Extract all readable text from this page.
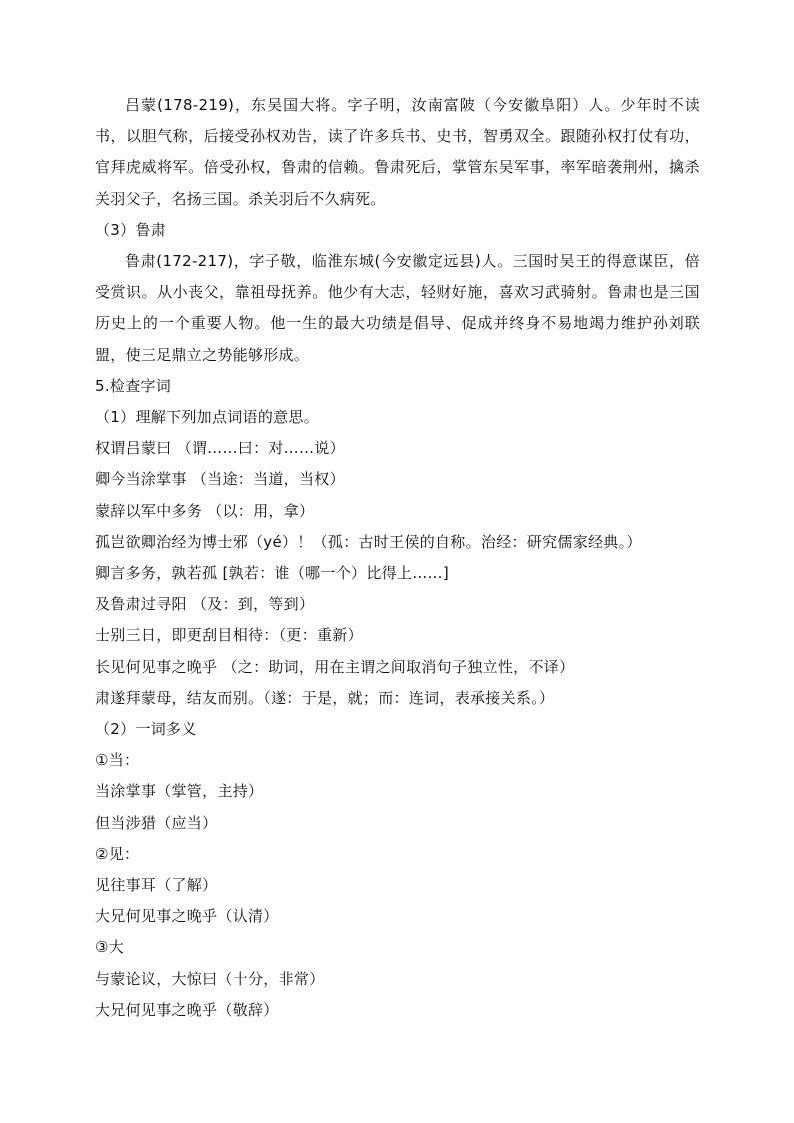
吕蒙(178-219)，东吴国大将。字子明，汝南富陂（今安徽阜阳）人。少年时不读书，以胆气称，后接受孙权劝告，读了许多兵书、史书，智勇双全。跟随孙权打仗有功，官拜虎威将军。倍受孙权，鲁肃的信赖。鲁肃死后，掌管东吴军事，率军暗袭荆州，擒杀关羽父子，名扬三国。杀关羽后不久病死。

（3）鲁肃

鲁肃(172-217)，字子敬，临淮东城(今安徽定远县)人。三国时吴王的得意谋臣，倍受赏识。从小丧父，靠祖母抚养。他少有大志，轻财好施，喜欢习武骑射。鲁肃也是三国历史上的一个重要人物。他一生的最大功绩是倡导、促成并终身不易地竭力维护孙刘联盟，使三足鼎立之势能够形成。

5.检查字词

（1）理解下列加点词语的意思。

权谓吕蒙曰 （谓……曰：对……说）

卿今当涂掌事 （当途：当道，当权）

蒙辞以军中多务 （以：用，拿）

孤岂欲卿治经为博士邪（yé）！（孤：古时王侯的自称。治经：研究儒家经典。）

卿言多务，孰若孤 [孰若：谁（哪一个）比得上……]

及鲁肃过寻阳 （及：到，等到）

士别三日，即更刮目相待：（更：重新）

长见何见事之晚乎 （之：助词，用在主谓之间取消句子独立性，不译）

肃遂拜蒙母，结友而别。（遂：于是，就；而：连词，表承接关系。）

（2）一词多义

①当：

当涂掌事（掌管，主持）

但当涉猎（应当）

②见：

见往事耳（了解）

大兄何见事之晚乎（认清）

③大

与蒙论议，大惊曰（十分，非常）

大兄何见事之晚乎（敬辞）
